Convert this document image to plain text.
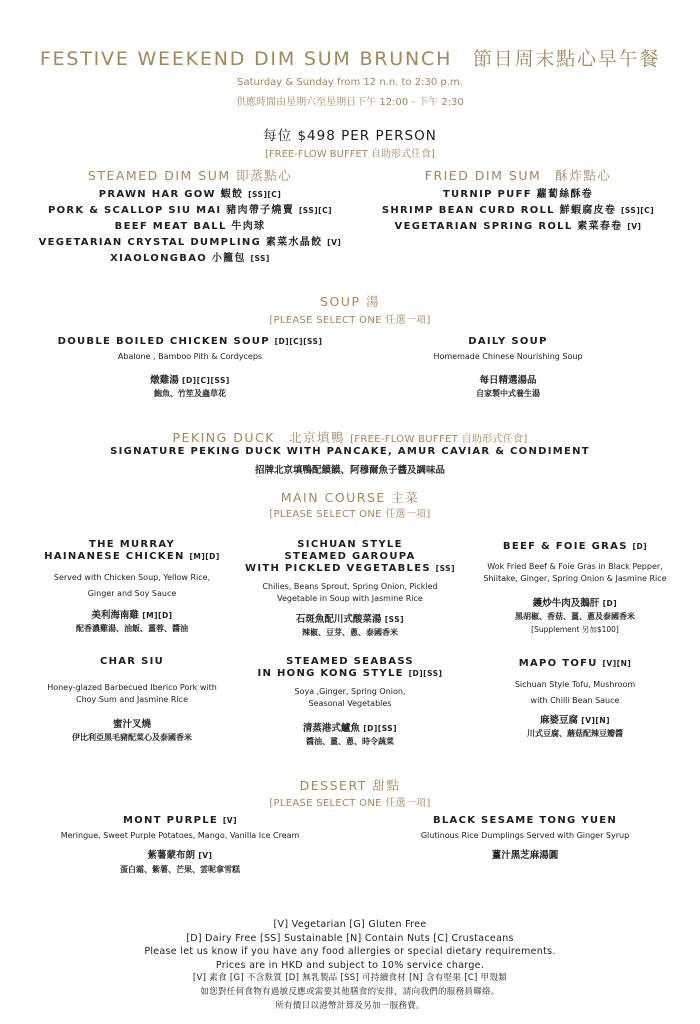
FESTIVE WEEKEND DIM SUM BRUNCH　節日周末點心早午餐
Saturday & Sunday from 12 n.n. to 2:30 p.m.
供應時間由星期六至星期日下午 12:00 - 下午 2:30
每位 $498 PER PERSON
[FREE-FLOW BUFFET 自助形式任食]
STEAMED DIM SUM 即蒸點心
PRAWN HAR GOW 蝦餃 [SS][C]
PORK & SCALLOP SIU MAI 豬肉帶子燒賣 [SS][C]
BEEF MEAT BALL 牛肉球
VEGETARIAN CRYSTAL DUMPLING 素菜水晶餃 [V]
XIAOLONGBAO 小籠包 [SS]
FRIED DIM SUM　酥炸點心
TURNIP PUFF 蘿蔔絲酥卷
SHRIMP BEAN CURD ROLL 鮮蝦腐皮卷 [SS][C]
VEGETARIAN SPRING ROLL 素菜春卷 [V]
SOUP 湯
[PLEASE SELECT ONE 任選一項]
DOUBLE BOILED CHICKEN SOUP [D][C][SS]
Abalone , Bamboo Pith & Cordyceps
燉雞湯 [D][C][SS]
鮑魚、竹笙及蟲草花
DAILY SOUP
Homemade Chinese Nourishing Soup
每日精選湯品
自家製中式養生湯
PEKING DUCK　北京填鴨 [FREE-FLOW BUFFET 自助形式任食]
SIGNATURE PEKING DUCK WITH PANCAKE, AMUR CAVIAR & CONDIMENT
招牌北京填鴨配饃饃、阿穆爾魚子醬及調味品
MAIN COURSE 主菜
[PLEASE SELECT ONE 任選一項]
THE MURRAY
HAINANESE CHICKEN [M][D]
Served with Chicken Soup, Yellow Rice,
Ginger and Soy Sauce
美利海南雞 [M][D]
配香濃雞湯、油飯、薑蓉、醬油
SICHUAN STYLE
STEAMED GAROUPA
WITH PICKLED VEGETABLES [SS]
Chilies, Beans Sprout, Spring Onion, Pickled
Vegetable in Soup with Jasmine Rice
石斑魚配川式酸菜湯 [SS]
辣椒、豆芽、蔥、泰國香米
BEEF & FOIE GRAS [D]
Wok Fried Beef & Foie Gras in Black Pepper,
Shiitake, Ginger, Spring Onion & Jasmine Rice
鑊炒牛肉及鵝肝 [D]
黑胡椒、香菇、薑、蔥及泰國香米
[Supplement 另加$100]
CHAR SIU
Honey-glazed Barbecued Iberico Pork with
Choy Sum and Jasmine Rice
蜜汁叉燒
伊比利亞黑毛豬配菜心及泰國香米
STEAMED SEABASS
IN HONG KONG STYLE [D][SS]
Soya ,Ginger, Spring Onion,
Seasonal Vegetables
清蒸港式鱸魚 [D][SS]
醬油、薑、蔥、時令蔬菜
MAPO TOFU [V][N]
Sichuan Style Tofu, Mushroom
with Chilli Bean Sauce
麻婆豆腐 [V][N]
川式豆腐、蘑菇配辣豆瓣醬
DESSERT 甜點
[PLEASE SELECT ONE 任選一項]
MONT PURPLE [V]
Meringue, Sweet Purple Potatoes, Mango, Vanilla Ice Cream
紫薯蒙布朗 [V]
蛋白霜、紫薯、芒果、雲呢拿雪糕
BLACK SESAME TONG YUEN
Glutinous Rice Dumplings Served with Ginger Syrup
薑汁黑芝麻湯圓
[V] Vegetarian [G] Gluten Free
[D] Dairy Free [SS] Sustainable [N] Contain Nuts [C] Crustaceans
Please let us know if you have any food allergies or special dietary requirements.
Prices are in HKD and subject to 10% service charge.
[V] 素食 [G] 不含麩質 [D] 無乳製品 [SS] 可持續食材 [N] 含有堅果 [C] 甲殼類
如您對任何食物有過敏反應或需要其他膳食的安排，請向我們的服務員聯絡。
所有價目以港幣計算及另加一服務費。
